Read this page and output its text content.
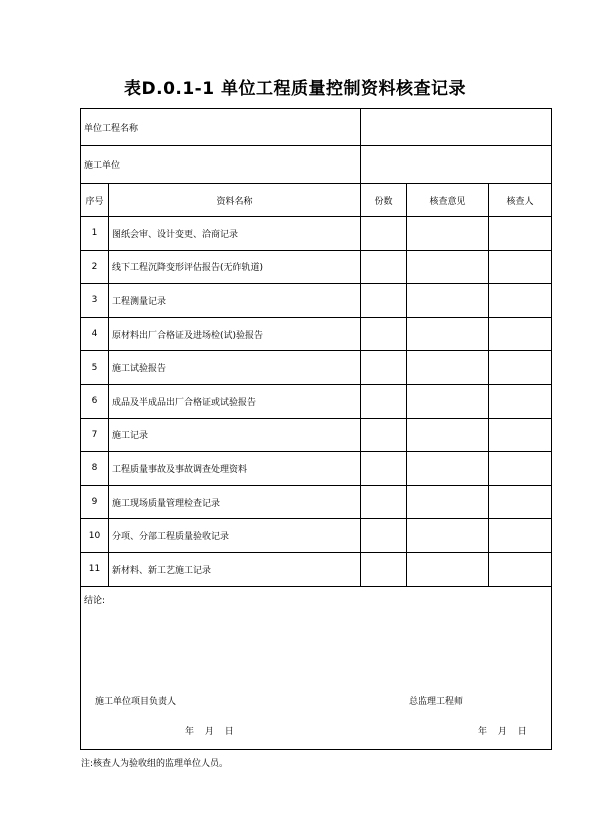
表D.0.1-1 单位工程质量控制资料核查记录
单位工程名称				
施工单位				
序号	资料名称	份数	核查意见	核查人
1	图纸会审、设计变更、洽商记录			
2	线下工程沉降变形评估报告(无砟轨道)			
3	工程测量记录			
4	原材料出厂合格证及进场检(试)验报告			
5	施工试验报告			
6	成品及半成品出厂合格证或试验报告			
7	施工记录			
8	工程质量事故及事故调查处理资料			
9	施工现场质量管理检查记录			
10	分项、分部工程质量验收记录			
11	新材料、新工艺施工记录			

结论:
施工单位项目负责人 总监理工程师
年 月 日 年 月 日				
注:核查人为验收组的监理单位人员。
